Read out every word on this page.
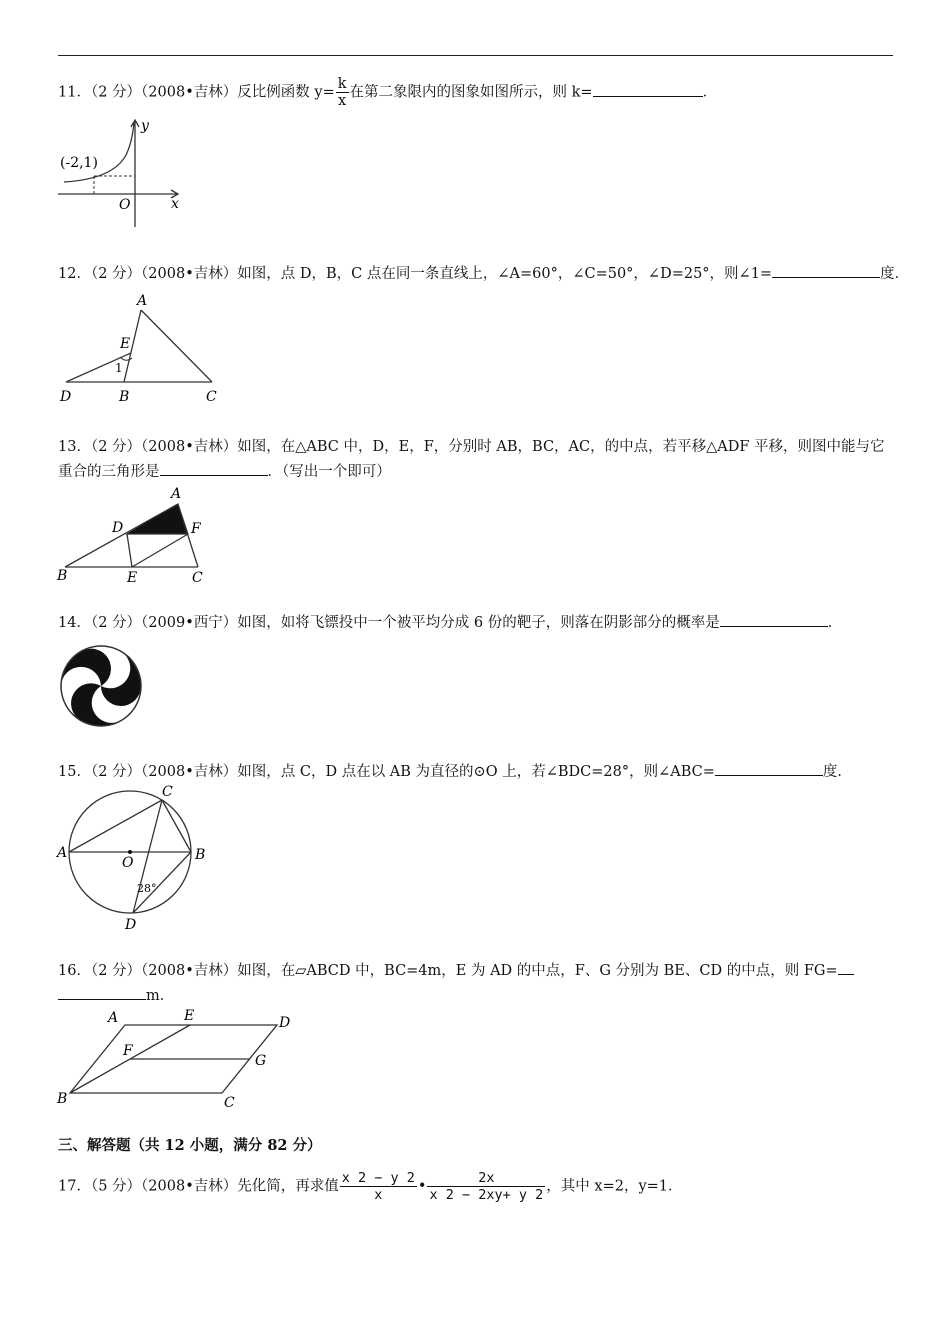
11．（2 分）（2008•吉林）反比例函数 $y= \frac{k}{x}$ 在第二象限内的图象如图所示，则 k=	．
y
x
O
(-2,1)
12．（2 分）（2008•吉林）如图，点 D，B，C 点在同一条直线上，∠A=60°，∠C=50°，∠D=25°，则∠1=	度．
A
E
1
D	B	C
13．（2 分）（2008•吉林）如图，在△ABC 中，D，E，F，分别时 AB，BC，AC，的中点，若平移△ADF 平移，则图中能与它
重合的三角形是	．（写出一个即可）
A
D	F
B	E	C
14．（2 分）（2009•西宁）如图，如将飞镖投中一个被平均分成 6 份的靶子，则落在阴影部分的概率是	．
15．（2 分）（2008•吉林）如图，点 C，D 点在以 AB 为直径的⊙O 上，若∠BDC=28°，则∠ABC=	度．
C
A	B
O
28°
D
16．（2 分）（2008•吉林）如图，在▱ABCD 中，BC=4m，E 为 AD 的中点，F、G 分别为 BE、CD 的中点，则 FG=
m．
A	E	D
F
G
B	C
三、解答题（共 12 小题，满分 82 分）
17．（5 分）（2008•吉林）先化简，再求值 $\frac{x 2 - y 2}{x}$ • $\frac{2x}{x 2 - 2xy+ y 2}$ ，其中 x=2，y=1．
